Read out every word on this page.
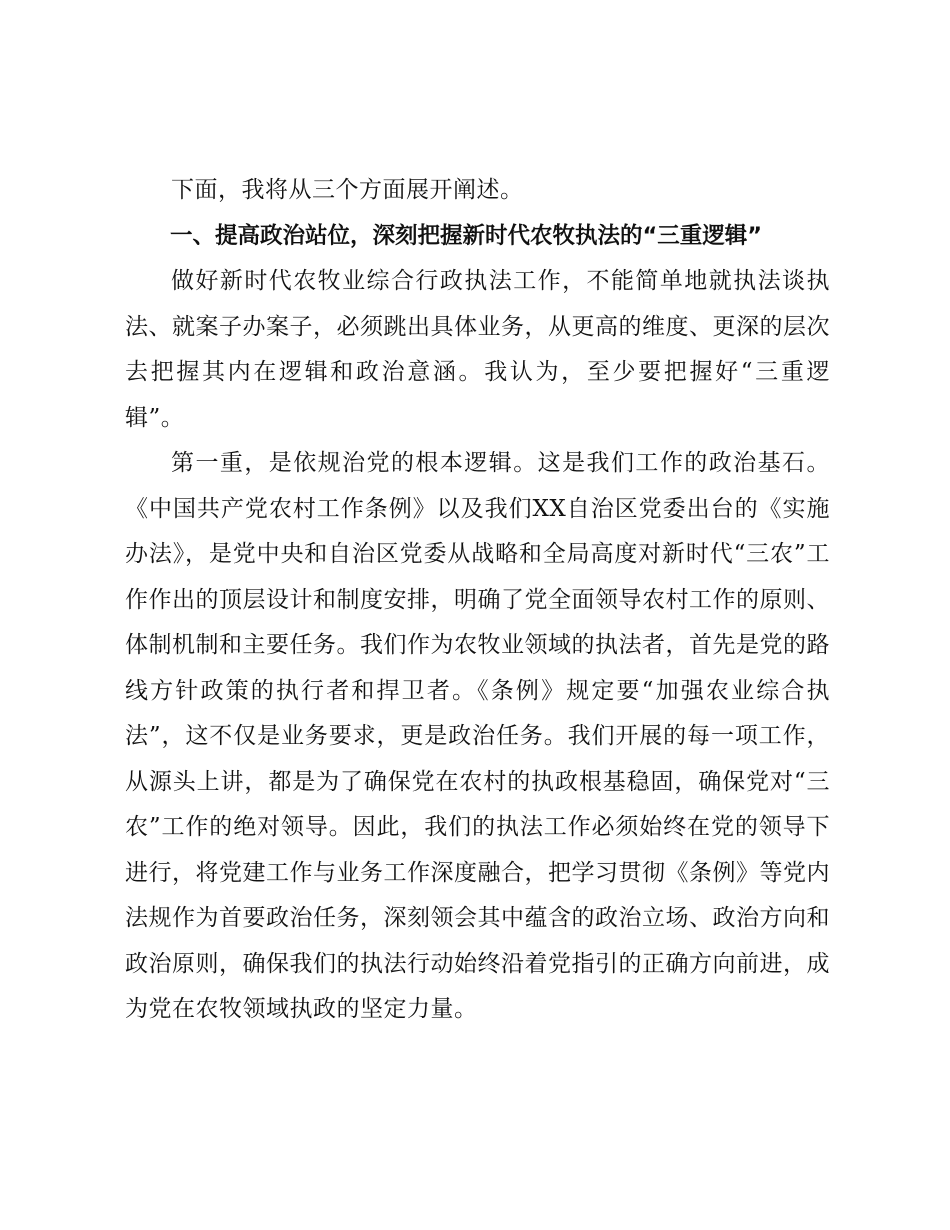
下面，我将从三个方面展开阐述。

一、提高政治站位，深刻把握新时代农牧执法的“三重逻辑”

做好新时代农牧业综合行政执法工作，不能简单地就执法谈执法、就案子办案子，必须跳出具体业务，从更高的维度、更深的层次去把握其内在逻辑和政治意涵。我认为，至少要把握好“三重逻辑”。

第一重，是依规治党的根本逻辑。这是我们工作的政治基石。《中国共产党农村工作条例》以及我们XX自治区党委出台的《实施办法》，是党中央和自治区党委从战略和全局高度对新时代“三农”工作作出的顶层设计和制度安排，明确了党全面领导农村工作的原则、体制机制和主要任务。我们作为农牧业领域的执法者，首先是党的路线方针政策的执行者和捍卫者。《条例》规定要“加强农业综合执法”，这不仅是业务要求，更是政治任务。我们开展的每一项工作，从源头上讲，都是为了确保党在农村的执政根基稳固，确保党对“三农”工作的绝对领导。因此，我们的执法工作必须始终在党的领导下进行，将党建工作与业务工作深度融合，把学习贯彻《条例》等党内法规作为首要政治任务，深刻领会其中蕴含的政治立场、政治方向和政治原则，确保我们的执法行动始终沿着党指引的正确方向前进，成为党在农牧领域执政的坚定力量。
